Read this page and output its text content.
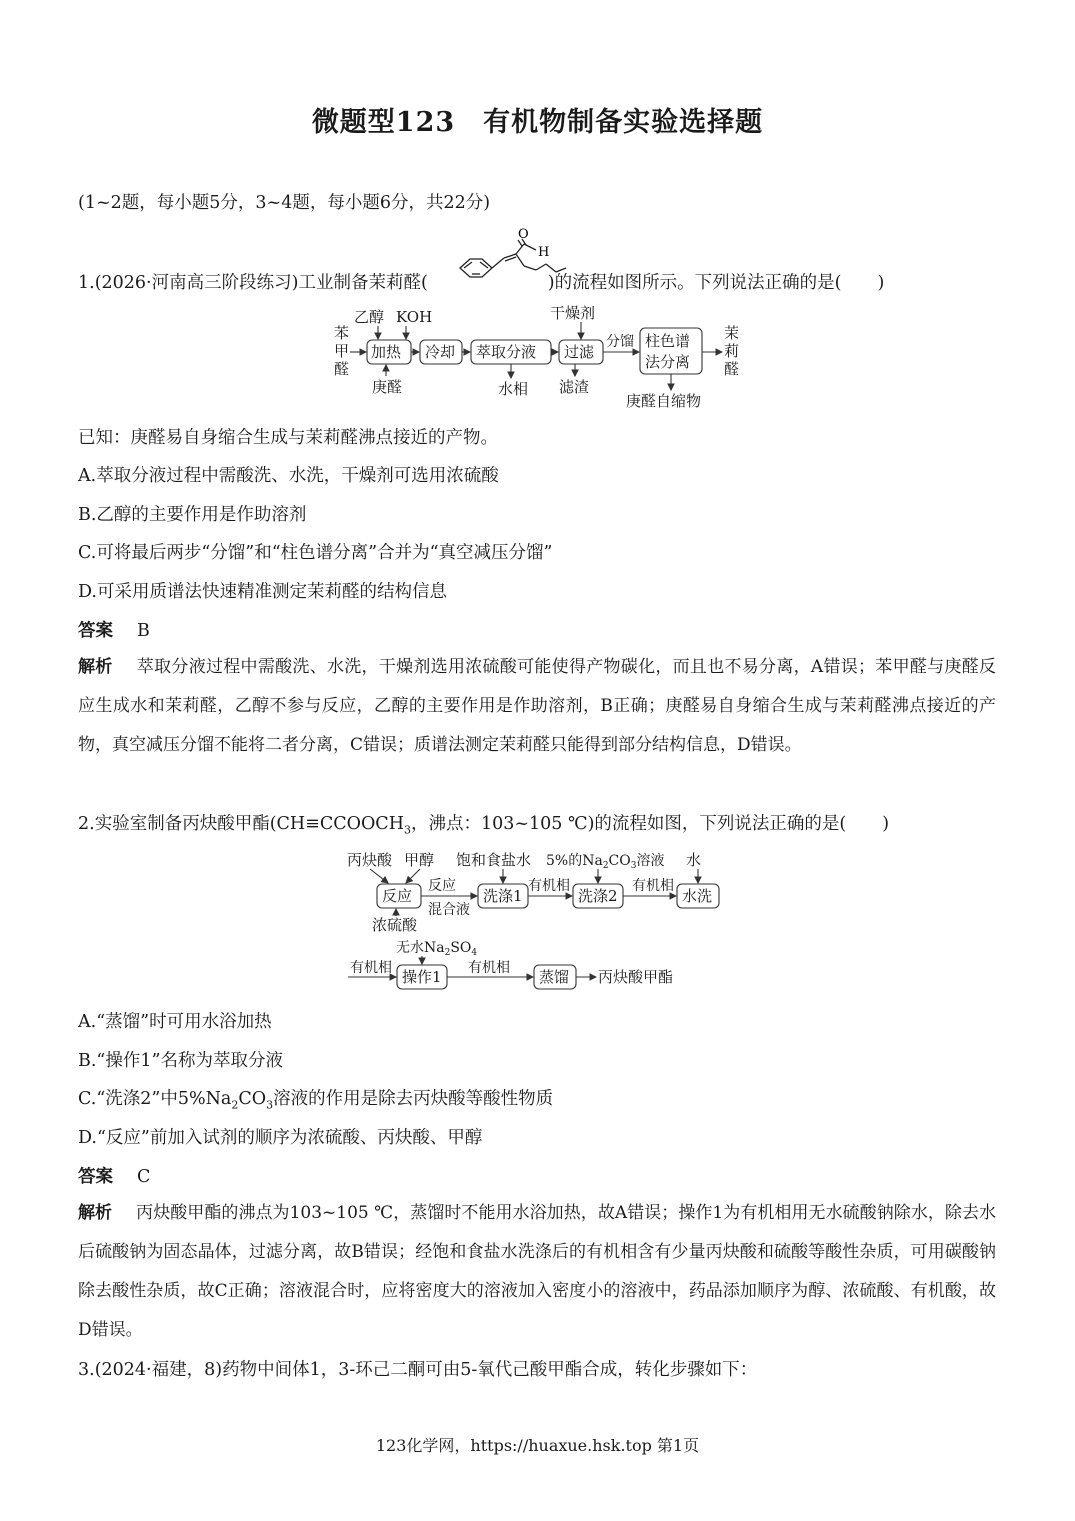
微题型123　有机物制备实验选择题
(1~2题，每小题5分，3~4题，每小题6分，共22分)
1.(2026·河南高三阶段练习)工业制备茉莉醛(	)的流程如图所示。下列说法正确的是( )
O
H
苯
甲
醛
乙醇 KOH
庚醛
加热 冷却 萃取分液
水相
过滤
干燥剂
滤渣
分馏 柱色谱
法分离
庚醛自缩物
茉
莉
醛
已知：庚醛易自身缩合生成与茉莉醛沸点接近的产物。
A.萃取分液过程中需酸洗、水洗，干燥剂可选用浓硫酸
B.乙醇的主要作用是作助溶剂
C.可将最后两步“分馏”和“柱色谱分离”合并为“真空减压分馏”
D.可采用质谱法快速精准测定茉莉醛的结构信息
答案 B
解析 萃取分液过程中需酸洗、水洗，干燥剂选用浓硫酸可能使得产物碳化，而且也不易分离，A错误；苯甲醛与庚醛反应生成水和茉莉醛，乙醇不参与反应，乙醇的主要作用是作助溶剂，B正确；庚醛易自身缩合生成与茉莉醛沸点接近的产物，真空减压分馏不能将二者分离，C错误；质谱法测定茉莉醛只能得到部分结构信息，D错误。
2.实验室制备丙炔酸甲酯($CH\equiv CCOOCH_3$，沸点：103~105 ℃)的流程如图，下列说法正确的是( )
丙炔酸 甲醇 饱和食盐水 5%的$Na_2CO_3$溶液 水
反应
浓硫酸
反应
混合液
洗涤1
有机相
洗涤2
有机相
水洗
无水$Na_2SO_4$
有机相 操作1 有机相 蒸馏 丙炔酸甲酯
A.“蒸馏”时可用水浴加热
B.“操作1”名称为萃取分液
C.“洗涤2”中$5\%Na_2CO_3$溶液的作用是除去丙炔酸等酸性物质
D.“反应”前加入试剂的顺序为浓硫酸、丙炔酸、甲醇
答案 C
解析 丙炔酸甲酯的沸点为103~105 ℃，蒸馏时不能用水浴加热，故A错误；操作1为有机相用无水硫酸钠除水，除去水后硫酸钠为固态晶体，过滤分离，故B错误；经饱和食盐水洗涤后的有机相含有少量丙炔酸和硫酸等酸性杂质，可用碳酸钠除去酸性杂质，故C正确；溶液混合时，应将密度大的溶液加入密度小的溶液中，药品添加顺序为醇、浓硫酸、有机酸，故D错误。
3.(2024·福建，8)药物中间体1，3-环己二酮可由5-氧代己酸甲酯合成，转化步骤如下：
123化学网，https://huaxue.hsk.top 第1页
